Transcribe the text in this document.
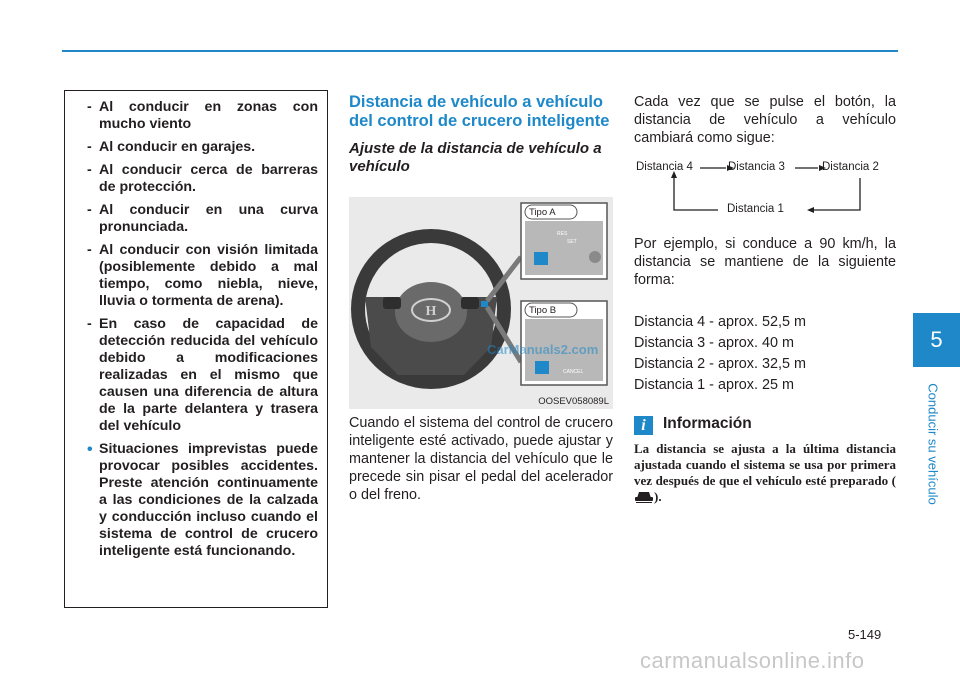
5
Conducir su vehículo
- Al conducir en zonas con mucho viento
- Al conducir en garajes.
- Al conducir cerca de barreras de protección.
- Al conducir en una curva pronunciada.
- Al conducir con visión limitada (posiblemente debido a mal tiempo, como niebla, nieve, lluvia o tormenta de arena).
- En caso de capacidad de detección reducida del vehículo debido a modificaciones realizadas en el mismo que causen una diferencia de altura de la parte delantera y trasera del vehículo
• Situaciones imprevistas puede provocar posibles accidentes. Preste atención continuamente a las condiciones de la calzada y conducción incluso cuando el sistema de control de crucero inteligente está funcionando.
Distancia de vehículo a vehículo del control de crucero inteligente
Ajuste de la distancia de vehículo a vehículo
H
Tipo A
Tipo B
RES
SET
CANCEL
OOSEV058089L
CarManuals2.com

Cuando el sistema del control de crucero inteligente esté activado, puede ajustar y mantener la distancia del vehículo que le precede sin pisar el pedal del acelerador o del freno.

Cada vez que se pulse el botón, la distancia de vehículo a vehículo cambiará como sigue:

Distancia 4	Distancia 3	Distancia 2
Distancia 1

Por ejemplo, si conduce a 90 km/h, la distancia se mantiene de la siguiente forma:

Distancia 4 - aprox. 52,5 m
Distancia 3 - aprox. 40 m
Distancia 2 - aprox. 32,5 m
Distancia 1 - aprox. 25 m
i	Información

La distancia se ajusta a la última distancia ajustada cuando el sistema se usa por primera vez después de que el vehículo esté preparado ().

5-149
carmanualsonline.info
